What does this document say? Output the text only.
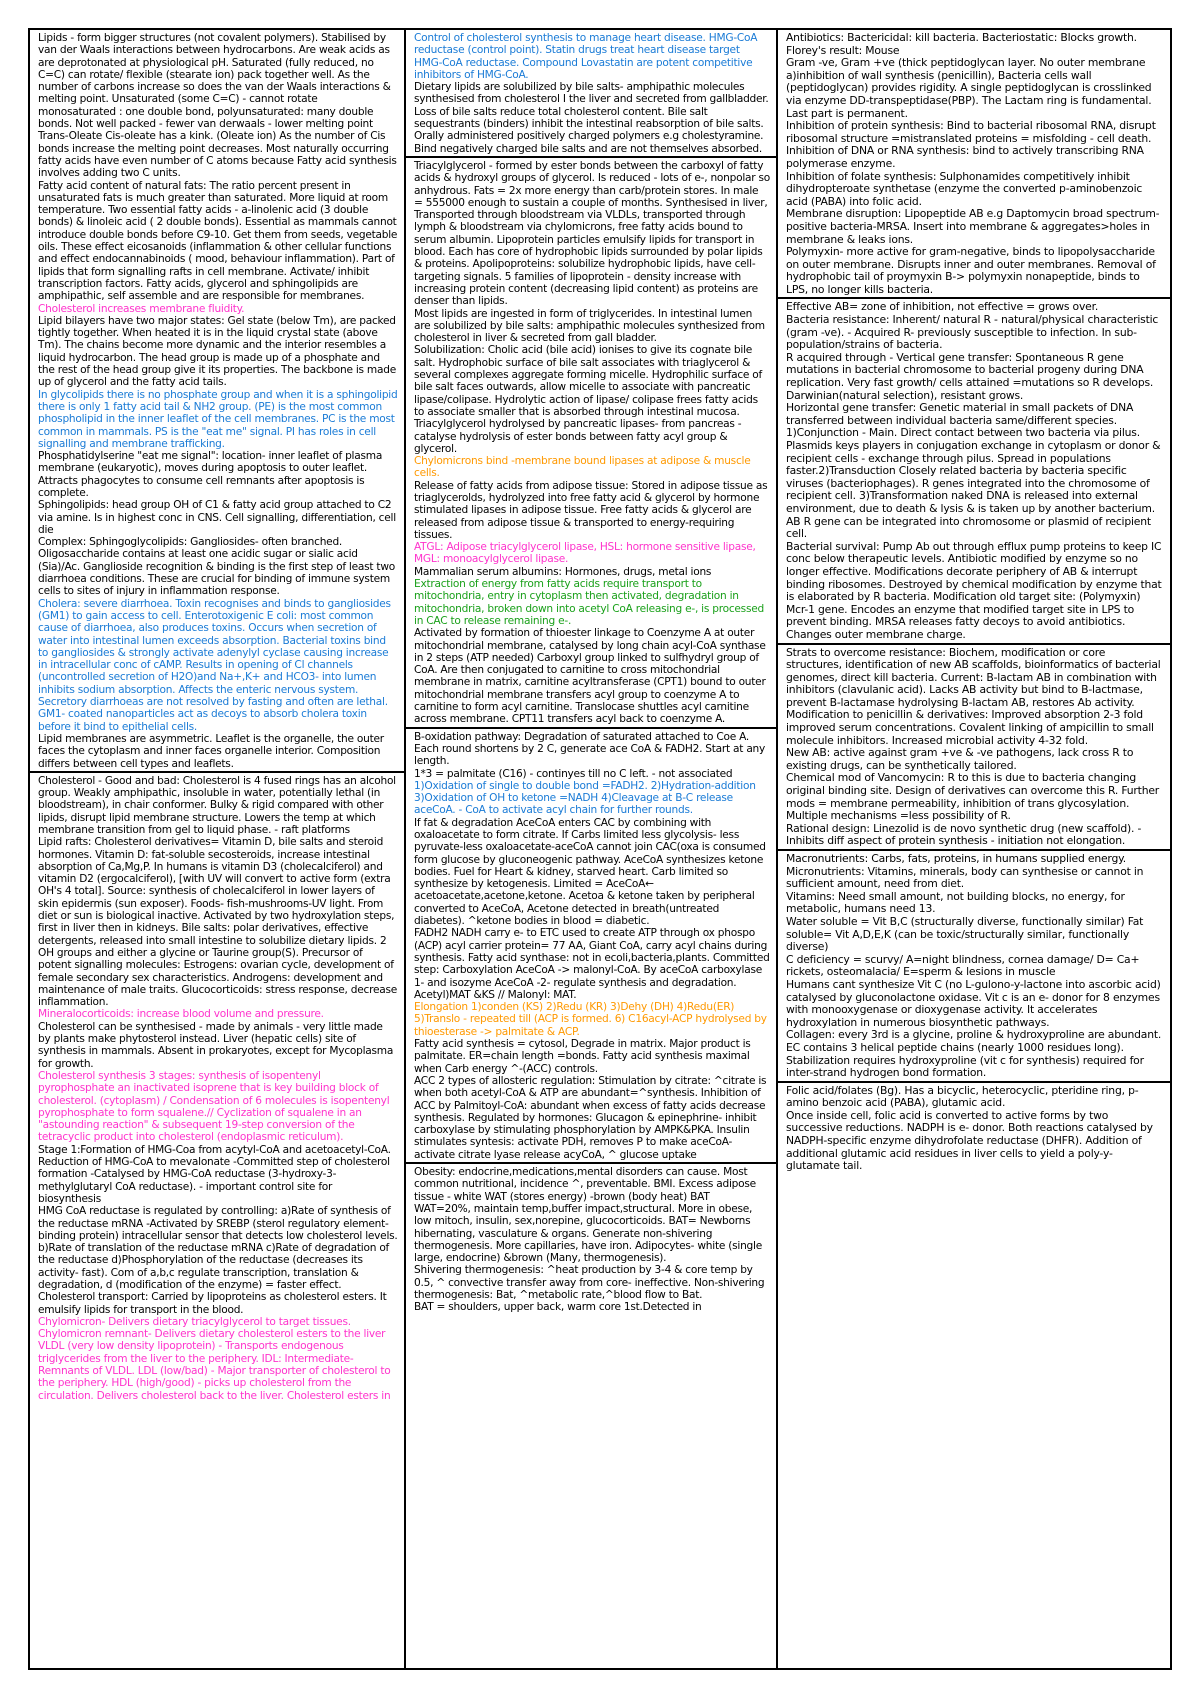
Lipids - form bigger structures (not covalent polymers). Stabilised by van der Waals interactions between hydrocarbons. Are weak acids as are deprotonated at physiological pH. Saturated (fully reduced, no C=C) can rotate/ flexible (stearate ion) pack together well. As the number of carbons increase so does the van der Waals interactions & melting point. Unsaturated (some C=C) - cannot rotate monosaturated : one double bond, polyunsaturated: many double bonds. Not well packed - fewer van derwaals - lower melting point Trans-Oleate Cis-oleate has a kink. (Oleate ion) As the number of Cis bonds increase the melting point decreases. Most naturally occurring fatty acids have even number of C atoms because Fatty acid synthesis involves adding two C units.

Fatty acid content of natural fats: The ratio percent present in unsaturated fats is much greater than saturated. More liquid at room temperature. Two essential fatty acids - a-linolenic acid (3 double bonds) & linoleic acid ( 2 double bonds). Essential as mammals cannot introduce double bonds before C9-10. Get them from seeds, vegetable oils. These effect eicosanoids (inflammation & other cellular functions and effect endocannabinoids ( mood, behaviour inflammation). Part of lipids that form signalling rafts in cell membrane. Activate/ inhibit transcription factors. Fatty acids, glycerol and sphingolipids are amphipathic, self assemble and are responsible for membranes.

Cholesterol increases membrane fluidity.

Lipid bilayers have two major states: Gel state (below Tm), are packed tightly together. When heated it is in the liquid crystal state (above Tm). The chains become more dynamic and the interior resembles a liquid hydrocarbon. The head group is made up of a phosphate and the rest of the head group give it its properties. The backbone is made up of glycerol and the fatty acid tails.

In glycolipids there is no phosphate group and when it is a sphingolipid there is only 1 fatty acid tail & NH2 group. (PE) is the most common phospholipid in the inner leaflet of the cell membranes. PC is the most common in mammals. PS is the "eat me" signal. PI has roles in cell signalling and membrane trafficking.

Phosphatidylserine "eat me signal": location- inner leaflet of plasma membrane (eukaryotic), moves during apoptosis to outer leaflet. Attracts phagocytes to consume cell remnants after apoptosis is complete.

Sphingolipids: head group OH of C1 & fatty acid group attached to C2 via amine. Is in highest conc in CNS. Cell signalling, differentiation, cell die

Complex: Sphingoglycolipids: Gangliosides- often branched. Oligosaccharide contains at least one acidic sugar or sialic acid (Sia)/Ac. Ganglioside recognition & binding is the first step of least two diarrhoea conditions. These are crucial for binding of immune system cells to sites of injury in inflammation response.

Cholera: severe diarrhoea. Toxin recognises and binds to gangliosides (GM1) to gain access to cell. Enterotoxigenic E coli: most common cause of diarrhoea, also produces toxins. Occurs when secretion of water into intestinal lumen exceeds absorption. Bacterial toxins bind to gangliosides & strongly activate adenylyl cyclase causing increase in intracellular conc of cAMP. Results in opening of Cl channels (uncontrolled secretion of H2O)and Na+,K+ and HCO3- into lumen inhibits sodium absorption. Affects the enteric nervous system. Secretory diarrhoeas are not resolved by fasting and often are lethal. GM1- coated nanoparticles act as decoys to absorb cholera toxin before it bind to epithelial cells.

Lipid membranes are asymmetric. Leaflet is the organelle, the outer faces the cytoplasm and inner faces organelle interior. Composition differs between cell types and leaflets.

Cholesterol - Good and bad: Cholesterol is 4 fused rings has an alcohol group. Weakly amphipathic, insoluble in water, potentially lethal (in bloodstream), in chair conformer. Bulky & rigid compared with other lipids, disrupt lipid membrane structure. Lowers the temp at which membrane transition from gel to liquid phase. - raft platforms

Lipid rafts: Cholesterol derivatives= Vitamin D, bile salts and steroid hormones. Vitamin D: fat-soluble secosteroids, increase intestinal absorption of Ca,Mg,P. In humans is vitamin D3 (cholecalciferol) and vitamin D2 (ergocalciferol), [with UV will convert to active form (extra OH's 4 total]. Source: synthesis of cholecalciferol in lower layers of skin epidermis (sun exposer). Foods- fish-mushrooms-UV light. From diet or sun is biological inactive. Activated by two hydroxylation steps, first in liver then in kidneys. Bile salts: polar derivatives, effective detergents, released into small intestine to solubilize dietary lipids. 2 OH groups and either a glycine or Taurine group(S). Precursor of potent signalling molecules: Estrogens: ovarian cycle, development of female secondary sex characteristics. Androgens: development and maintenance of male traits. Glucocorticoids: stress response, decrease inflammation.

Mineralocorticoids: increase blood volume and pressure.

Cholesterol can be synthesised - made by animals - very little made by plants make phytosterol instead. Liver (hepatic cells) site of synthesis in mammals. Absent in prokaryotes, except for Mycoplasma for growth.

Cholesterol synthesis 3 stages: synthesis of isopentenyl pyrophosphate an inactivated isoprene that is key building block of cholesterol. (cytoplasm) / Condensation of 6 molecules is isopentenyl pyrophosphate to form squalene.// Cyclization of squalene in an "astounding reaction" & subsequent 19-step conversion of the tetracyclic product into cholesterol (endoplasmic reticulum).

Stage 1:Formation of HMG-Coa from acytyl-CoA and acetoacetyl-CoA.

Reduction of HMG-CoA to mevalonate -Committed step of cholesterol formation -Catalysed by HMG-CoA reductase (3-hydroxy-3-methylglutaryl CoA reductase). - important control site for biosynthesis

HMG CoA reductase is regulated by controlling: a)Rate of synthesis of the reductase mRNA -Activated by SREBP (sterol regulatory element-binding protein) intracellular sensor that detects low cholesterol levels. b)Rate of translation of the reductase mRNA c)Rate of degradation of the reductase d)Phosphorylation of the reductase (decreases its activity- fast). Com of a,b,c regulate transcription, translation & degradation, d (modification of the enzyme) = faster effect.

Cholesterol transport: Carried by lipoproteins as cholesterol esters. It emulsify lipids for transport in the blood.

Chylomicron- Delivers dietary triacylglycerol to target tissues. Chylomicron remnant- Delivers dietary cholesterol esters to the liver VLDL (very low density lipoprotein) - Transports endogenous triglycerides from the liver to the periphery. IDL: Intermediate- Remnants of VLDL. LDL (low/bad) - Major transporter of cholesterol to the periphery. HDL (high/good) - picks up cholesterol from the circulation. Delivers cholesterol back to the liver. Cholesterol esters in

Control of cholesterol synthesis to manage heart disease. HMG-CoA reductase (control point). Statin drugs treat heart disease target HMG-CoA reductase. Compound Lovastatin are potent competitive inhibitors of HMG-CoA.

Dietary lipids are solubilized by bile salts- amphipathic molecules synthesised from cholesterol I the liver and secreted from gallbladder. Loss of bile salts reduce total cholesterol content. Bile salt sequestrants (binders) inhibit the intestinal reabsorption of bile salts. Orally administered positively charged polymers e.g cholestyramine. Bind negatively charged bile salts and are not themselves absorbed.

Triacylglycerol - formed by ester bonds between the carboxyl of fatty acids & hydroxyl groups of glycerol. Is reduced - lots of e-, nonpolar so anhydrous. Fats = 2x more energy than carb/protein stores. In male = 555000 enough to sustain a couple of months. Synthesised in liver, Transported through bloodstream via VLDLs, transported through lymph & bloodstream via chylomicrons, free fatty acids bound to serum albumin. Lipoprotein particles emulsify lipids for transport in blood. Each has core of hydrophobic lipids surrounded by polar lipids & proteins. Apolipoproteins: solubilize hydrophobic lipids, have cell-targeting signals. 5 families of lipoprotein - density increase with increasing protein content (decreasing lipid content) as proteins are denser than lipids.

Most lipids are ingested in form of triglycerides. In intestinal lumen are solubilized by bile salts: amphipathic molecules synthesized from cholesterol in liver & secreted from gall bladder.

Solubilization: Cholic acid (bile acid) ionises to give its cognate bile salt. Hydrophobic surface of bile salt associates with triaglycerol & several complexes aggregate forming micelle. Hydrophilic surface of bile salt faces outwards, allow micelle to associate with pancreatic lipase/colipase. Hydrolytic action of lipase/ colipase frees fatty acids to associate smaller that is absorbed through intestinal mucosa.

Triacylglycerol hydrolysed by pancreatic lipases- from pancreas - catalyse hydrolysis of ester bonds between fatty acyl group & glycerol.

Chylomicrons bind -membrane bound lipases at adipose & muscle cells.

Release of fatty acids from adipose tissue: Stored in adipose tissue as triaglycerolds, hydrolyzed into free fatty acid & glycerol by hormone stimulated lipases in adipose tissue. Free fatty acids & glycerol are released from adipose tissue & transported to energy-requiring tissues.

ATGL: Adipose triacylglycerol lipase, HSL: hormone sensitive lipase, MGL: monoacylglycerol lipase.

Mammalian serum albumins: Hormones, drugs, metal ions

Extraction of energy from fatty acids require transport to mitochondria, entry in cytoplasm then activated, degradation in mitochondria, broken down into acetyl CoA releasing e-, is processed in CAC to release remaining e-.

Activated by formation of thioester linkage to Coenzyme A at outer mitochondrial membrane, catalysed by long chain acyl-CoA synthase in 2 steps (ATP needed) Carboxyl group linked to sulfhydryl group of CoA. Are then conjugated to carnitine to cross mitochondrial membrane in matrix, carnitine acyltransferase (CPT1) bound to outer mitochondrial membrane transfers acyl group to coenzyme A to carnitine to form acyl carnitine. Translocase shuttles acyl carnitine across membrane. CPT11 transfers acyl back to coenzyme A.

B-oxidation pathway: Degradation of saturated attached to Coe A. Each round shortens by 2 C, generate ace CoA & FADH2. Start at any length.

1*3 = palmitate (C16) - continyes till no C left. - not associated

1)Oxidation of single to double bond =FADH2. 2)Hydration-addition 3)Oxidation of OH to ketone =NADH 4)Cleavage at B-C release aceCoA. - CoA to activate acyl chain for further rounds.

If fat & degradation AceCoA enters CAC by combining with oxaloacetate to form citrate. If Carbs limited less glycolysis- less pyruvate-less oxaloacetate-aceCoA cannot join CAC(oxa is consumed form glucose by gluconeogenic pathway. AceCoA synthesizes ketone bodies. Fuel for Heart & kidney, starved heart. Carb limited so synthesize by ketogenesis. Limited = AceCoA← acetoacetate,acetone,ketone. Acetoa & ketone taken by peripheral converted to AceCoA, Acetone detected in breath(untreated diabetes). ^ketone bodies in blood = diabetic.

FADH2 NADH carry e- to ETC used to create ATP through ox phospo

(ACP) acyl carrier protein= 77 AA, Giant CoA, carry acyl chains during synthesis. Fatty acid synthase: not in ecoli,bacteria,plants. Committed step: Carboxylation AceCoA -> malonyl-CoA. By aceCoA carboxylase 1- and isozyme AceCoA -2- regulate synthesis and degradation. Acetyl)MAT &KS // Malonyl: MAT.

Elongation 1)conden (KS) 2)Redu (KR) 3)Dehy (DH) 4)Redu(ER) 5)Translo - repeated till (ACP is formed. 6) C16acyl-ACP hydrolysed by thioesterase -> palmitate & ACP.

Fatty acid synthesis = cytosol, Degrade in matrix. Major product is palmitate. ER=chain length =bonds. Fatty acid synthesis maximal when Carb energy ^-(ACC) controls.

ACC 2 types of allosteric regulation: Stimulation by citrate: ^citrate is when both acetyl-CoA & ATP are abundant=^synthesis. Inhibition of ACC by Palmitoyl-CoA: abundant when excess of fatty acids decrease synthesis. Regulated by hormones: Glucagon & epinephrine- inhibit carboxylase by stimulating phosphorylation by AMPK&PKA. Insulin stimulates syntesis: activate PDH, removes P to make aceCoA- activate citrate lyase release acyCoA, ^ glucose uptake

Obesity: endocrine,medications,mental disorders can cause. Most common nutritional, incidence ^, preventable. BMI. Excess adipose tissue - white WAT (stores energy) -brown (body heat) BAT

WAT=20%, maintain temp,buffer impact,structural. More in obese, low mitoch, insulin, sex,norepine, glucocorticoids. BAT= Newborns hibernating, vasculature & organs. Generate non-shivering thermogenesis. More capillaries, have iron. Adipocytes- white (single large, endocrine) &brown (Many, thermogenesis).

Shivering thermogenesis: ^heat production by 3-4 & core temp by 0.5, ^ convective transfer away from core- ineffective. Non-shivering thermogenesis: Bat, ^metabolic rate,^blood flow to Bat.

BAT = shoulders, upper back, warm core 1st.Detected in

Antibiotics: Bactericidal: kill bacteria. Bacteriostatic: Blocks growth. Florey's result: Mouse

Gram -ve, Gram +ve (thick peptidoglycan layer. No outer membrane

a)inhibition of wall synthesis (penicillin), Bacteria cells wall (peptidoglycan) provides rigidity. A single peptidoglycan is crosslinked via enzyme DD-transpeptidase(PBP). The Lactam ring is fundamental. Last part is permanent.

Inhibition of protein synthesis: Bind to bacterial ribosomal RNA, disrupt ribosomal structure =mistranslated proteins = misfolding - cell death.

Inhibition of DNA or RNA synthesis: bind to actively transcribing RNA polymerase enzyme.

Inhibition of folate synthesis: Sulphonamides competitively inhibit dihydropteroate synthetase (enzyme the converted p-aminobenzoic acid (PABA) into folic acid.

Membrane disruption: Lipopeptide AB e.g Daptomycin broad spectrum-positive bacteria-MRSA. Insert into membrane & aggregates>holes in membrane & leaks ions.

Polymyxin- more active for gram-negative, binds to lipopolysaccharide on outer membrane. Disrupts inner and outer membranes. Removal of hydrophobic tail of proymyxin B-> polymyxin nonapeptide, binds to LPS, no longer kills bacteria.

Effective AB= zone of inhibition, not effective = grows over.

Bacteria resistance: Inherent/ natural R - natural/physical characteristic (gram -ve). - Acquired R- previously susceptible to infection. In sub-population/strains of bacteria.

R acquired through - Vertical gene transfer: Spontaneous R gene mutations in bacterial chromosome to bacterial progeny during DNA replication. Very fast growth/ cells attained =mutations so R develops. Darwinian(natural selection), resistant grows.

Horizontal gene transfer: Genetic material in small packets of DNA transferred between individual bacteria same/different species. 1)Conjunction - Main. Direct contact between two bacteria via pilus. Plasmids keys players in conjugation exchange in cytoplasm or donor & recipient cells - exchange through pilus. Spread in populations faster.2)Transduction Closely related bacteria by bacteria specific viruses (bacteriophages). R genes integrated into the chromosome of recipient cell. 3)Transformation naked DNA is released into external environment, due to death & lysis & is taken up by another bacterium. AB R gene can be integrated into chromosome or plasmid of recipient cell.

Bacterial survival: Pump Ab out through efflux pump proteins to keep IC conc below therapeutic levels. Antibiotic modified by enzyme so no longer effective. Modifications decorate periphery of AB & interrupt binding ribosomes. Destroyed by chemical modification by enzyme that is elaborated by R bacteria. Modification old target site: (Polymyxin) Mcr-1 gene. Encodes an enzyme that modified target site in LPS to prevent binding. MRSA releases fatty decoys to avoid antibiotics. Changes outer membrane charge.

Strats to overcome resistance: Biochem, modification or core structures, identification of new AB scaffolds, bioinformatics of bacterial genomes, direct kill bacteria. Current: B-lactam AB in combination with inhibitors (clavulanic acid). Lacks AB activity but bind to B-lactmase, prevent B-lactamase hydrolysing B-lactam AB, restores Ab activity.

Modification to penicillin & derivatives: Improved absorption 2-3 fold improved serum concentrations. Covalent linking of ampicillin to small molecule inhibitors. Increased microbial activity 4-32 fold.

New AB: active against gram +ve & -ve pathogens, lack cross R to existing drugs, can be synthetically tailored.

Chemical mod of Vancomycin: R to this is due to bacteria changing original binding site. Design of derivatives can overcome this R. Further mods = membrane permeability, inhibition of trans glycosylation. Multiple mechanisms =less possibility of R.

Rational design: Linezolid is de novo synthetic drug (new scaffold). -Inhibits diff aspect of protein synthesis - initiation not elongation.

Macronutrients: Carbs, fats, proteins, in humans supplied energy.

Micronutrients: Vitamins, minerals, body can synthesise or cannot in sufficient amount, need from diet.

Vitamins: Need small amount, not building blocks, no energy, for metabolic, humans need 13.

Water soluble = Vit B,C (structurally diverse, functionally similar) Fat soluble= Vit A,D,E,K (can be toxic/structurally similar, functionally diverse)

C deficiency = scurvy/ A=night blindness, cornea damage/ D= Ca+ rickets, osteomalacia/ E=sperm & lesions in muscle

Humans cant synthesize Vit C (no L-gulono-y-lactone into ascorbic acid) catalysed by gluconolactone oxidase. Vit c is an e- donor for 8 enzymes with monooxygenase or dioxygenase activity. It accelerates hydroxylation in numerous biosynthetic pathways.

Collagen: every 3rd is a glycine, proline & hydroxyproline are abundant. EC contains 3 helical peptide chains (nearly 1000 residues long). Stabilization requires hydroxyproline (vit c for synthesis) required for inter-strand hydrogen bond formation.

Folic acid/folates (Bg). Has a bicyclic, heterocyclic, pteridine ring, p-amino benzoic acid (PABA), glutamic acid.

Once inside cell, folic acid is converted to active forms by two successive reductions. NADPH is e- donor. Both reactions catalysed by NADPH-specific enzyme dihydrofolate reductase (DHFR). Addition of additional glutamic acid residues in liver cells to yield a poly-y-glutamate tail.
